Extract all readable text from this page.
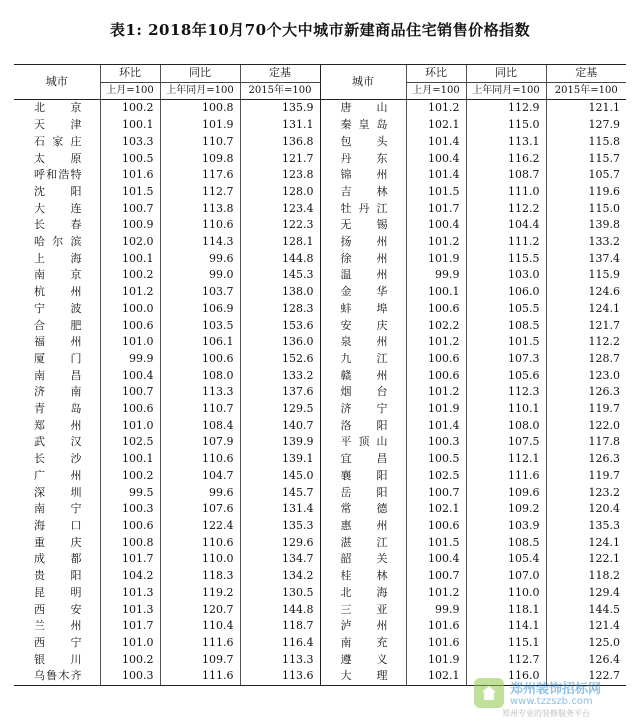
表1: 2018年10月70个大中城市新建商品住宅销售价格指数
城市	环比	同比	定基	城市	环比	同比	定基
	上月=100	上年同月=100	2015年=100		上月=100	上年同月=100	2015年=100
北京	100.2	100.8	135.9	唐山	101.2	112.9	121.1
天津	100.1	101.9	131.1	秦皇岛	102.1	115.0	127.9
石家庄	103.3	110.7	136.8	包头	101.4	113.1	115.8
太原	100.5	109.8	121.7	丹东	100.4	116.2	115.7
呼和浩特	101.6	117.6	123.8	锦州	101.4	108.7	105.7
沈阳	101.5	112.7	128.0	吉林	101.5	111.0	119.6
大连	100.7	113.8	123.4	牡丹江	101.7	112.2	115.0
长春	100.9	110.6	122.3	无锡	100.4	104.4	139.8
哈尔滨	102.0	114.3	128.1	扬州	101.2	111.2	133.2
上海	100.1	99.6	144.8	徐州	101.9	115.5	137.4
南京	100.2	99.0	145.3	温州	99.9	103.0	115.9
杭州	101.2	103.7	138.0	金华	100.1	106.0	124.6
宁波	100.0	106.9	128.3	蚌埠	100.6	105.5	124.1
合肥	100.6	103.5	153.6	安庆	102.2	108.5	121.7
福州	101.0	106.1	136.0	泉州	101.2	101.5	112.2
厦门	99.9	100.6	152.6	九江	100.6	107.3	128.7
南昌	100.4	108.0	133.2	赣州	100.6	105.6	123.0
济南	100.7	113.3	137.6	烟台	101.2	112.3	126.3
青岛	100.6	110.7	129.5	济宁	101.9	110.1	119.7
郑州	101.0	108.4	140.7	洛阳	101.4	108.0	122.0
武汉	102.5	107.9	139.9	平顶山	100.3	107.5	117.8
长沙	100.1	110.6	139.1	宜昌	100.5	112.1	126.3
广州	100.2	104.7	145.0	襄阳	102.5	111.6	119.7
深圳	99.5	99.6	145.7	岳阳	100.7	109.6	123.2
南宁	100.3	107.6	131.4	常德	102.1	109.2	120.4
海口	100.6	122.4	135.3	惠州	100.6	103.9	135.3
重庆	100.8	110.6	129.6	湛江	101.5	108.5	124.1
成都	101.7	110.0	134.7	韶关	100.4	105.4	122.1
贵阳	104.2	118.3	134.2	桂林	100.7	107.0	118.2
昆明	101.3	119.2	130.5	北海	101.2	110.0	129.4
西安	101.3	120.7	144.8	三亚	99.9	118.1	144.5
兰州	101.7	110.4	118.7	泸州	101.6	114.1	121.4
西宁	101.0	111.6	116.4	南充	101.6	115.1	125.0
银川	100.2	109.7	113.3	遵义	101.9	112.7	126.4
乌鲁木齐	100.3	111.6	113.6	大理	102.1	116.0	122.7
郑州装饰招标网
www.tzzszb.com
郑州专业的装修服务平台
